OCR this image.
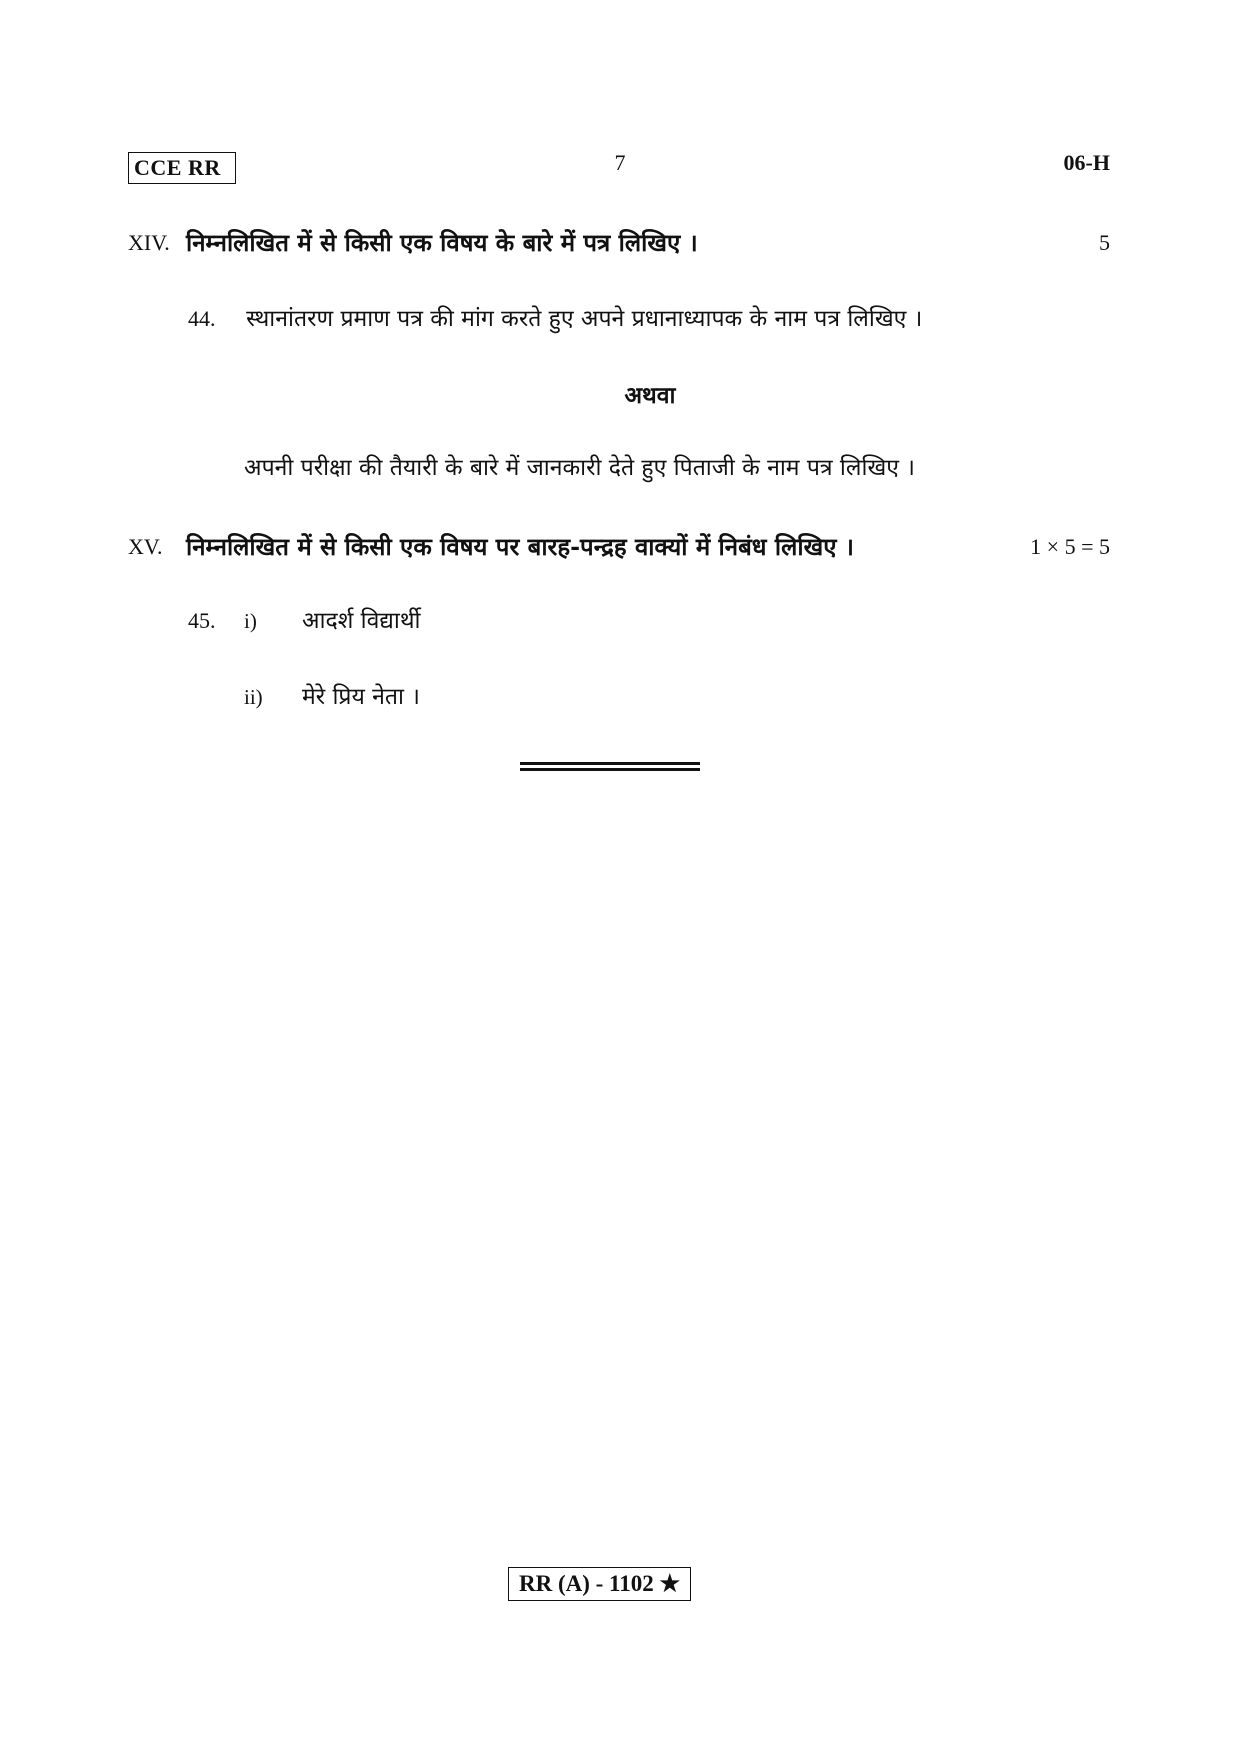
CCE RR	7	06-H
XIV. निम्नलिखित में से किसी एक विषय के बारे में पत्र लिखिए ।	5
44. स्थानांतरण प्रमाण पत्र की मांग करते हुए अपने प्रधानाध्यापक के नाम पत्र लिखिए ।
अथवा
अपनी परीक्षा की तैयारी के बारे में जानकारी देते हुए पिताजी के नाम पत्र लिखिए ।
XV. निम्नलिखित में से किसी एक विषय पर बारह-पन्द्रह वाक्यों में निबंध लिखिए ।	1 × 5 = 5
45. i) आदर्श विद्यार्थी
ii) मेरे प्रिय नेता ।
RR (A) - 1102 ★
